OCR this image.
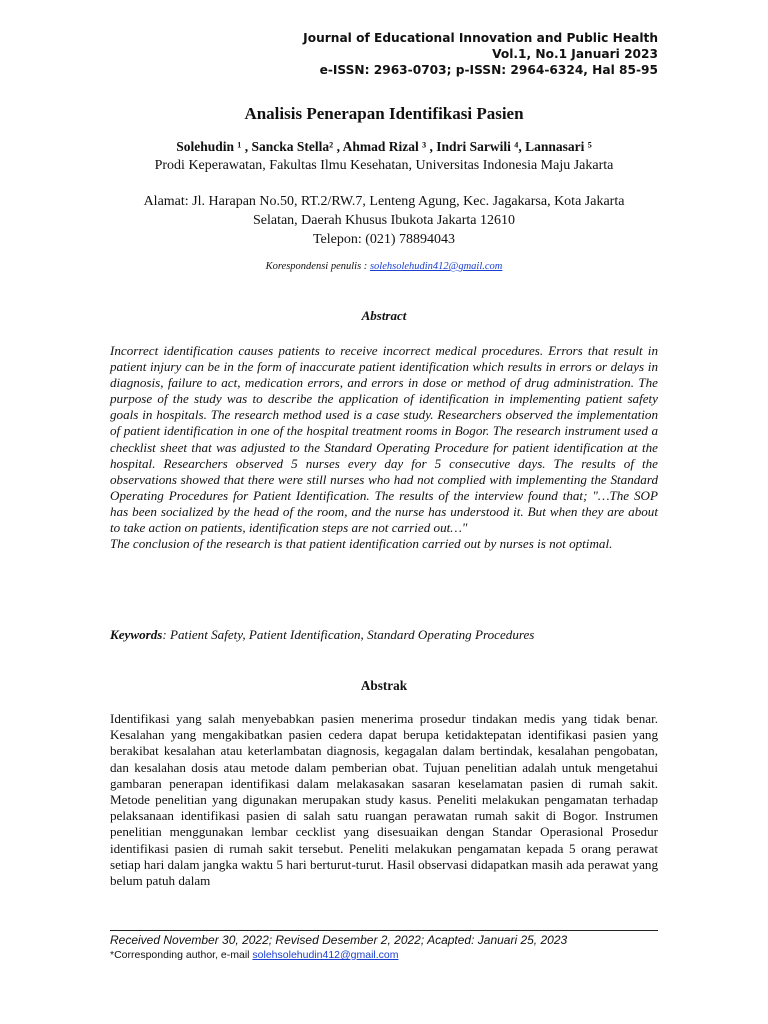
Journal of Educational Innovation and Public Health
Vol.1, No.1 Januari 2023
e-ISSN: 2963-0703; p-ISSN: 2964-6324, Hal 85-95
Analisis Penerapan Identifikasi Pasien
Solehudin ¹ , Sancka Stella² , Ahmad Rizal ³ , Indri Sarwili ⁴, Lannasari ⁵
Prodi Keperawatan, Fakultas Ilmu Kesehatan, Universitas Indonesia Maju Jakarta
Alamat: Jl. Harapan No.50, RT.2/RW.7, Lenteng Agung, Kec. Jagakarsa, Kota Jakarta
Selatan, Daerah Khusus Ibukota Jakarta 12610
Telepon: (021) 78894043
Korespondensi penulis : solehsolehudin412@gmail.com
Abstract

Incorrect identification causes patients to receive incorrect medical procedures. Errors that result in patient injury can be in the form of inaccurate patient identification which results in errors or delays in diagnosis, failure to act, medication errors, and errors in dose or method of drug administration. The purpose of the study was to describe the application of identification in implementing patient safety goals in hospitals. The research method used is a case study. Researchers observed the implementation of patient identification in one of the hospital treatment rooms in Bogor. The research instrument used a checklist sheet that was adjusted to the Standard Operating Procedure for patient identification at the hospital. Researchers observed 5 nurses every day for 5 consecutive days. The results of the observations showed that there were still nurses who had not complied with implementing the Standard Operating Procedures for Patient Identification. The results of the interview found that; "…The SOP has been socialized by the head of the room, and the nurse has understood it. But when they are about to take action on patients, identification steps are not carried out…"

The conclusion of the research is that patient identification carried out by nurses is not optimal.

Keywords: Patient Safety, Patient Identification, Standard Operating Procedures
Abstrak

Identifikasi yang salah menyebabkan pasien menerima prosedur tindakan medis yang tidak benar. Kesalahan yang mengakibatkan pasien cedera dapat berupa ketidaktepatan identifikasi pasien yang berakibat kesalahan atau keterlambatan diagnosis, kegagalan dalam bertindak, kesalahan pengobatan, dan kesalahan dosis atau metode dalam pemberian obat. Tujuan penelitian adalah untuk mengetahui gambaran penerapan identifikasi dalam melakasakan sasaran keselamatan pasien di rumah sakit. Metode penelitian yang digunakan merupakan study kasus. Peneliti melakukan pengamatan terhadap pelaksanaan identifikasi pasien di salah satu ruangan perawatan rumah sakit di Bogor. Instrumen penelitian menggunakan lembar cecklist yang disesuaikan dengan Standar Operasional Prosedur identifikasi pasien di rumah sakit tersebut. Peneliti melakukan pengamatan kepada 5 orang perawat setiap hari dalam jangka waktu 5 hari berturut-turut. Hasil observasi didapatkan masih ada perawat yang belum patuh dalam

Received November 30, 2022; Revised Desember 2, 2022; Acapted: Januari 25, 2023
*Corresponding author, e-mail solehsolehudin412@gmail.com
